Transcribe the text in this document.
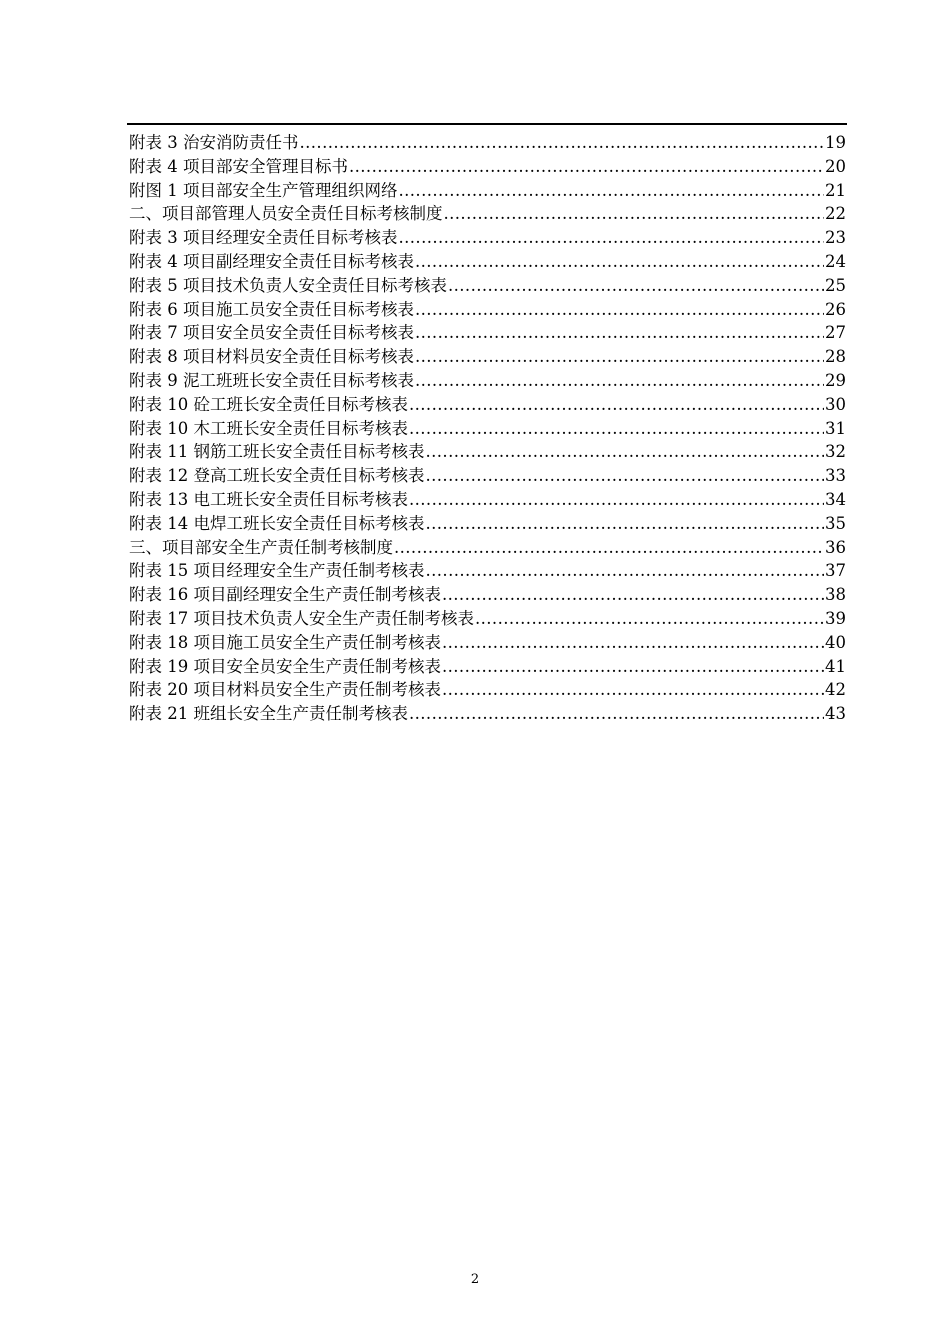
附表 3 治安消防责任书 .....	19
附表 4 项目部安全管理目标书 .....	20
附图 1 项目部安全生产管理组织网络 .....	21
二、项目部管理人员安全责任目标考核制度 .....	22
附表 3 项目经理安全责任目标考核表 .....	23
附表 4 项目副经理安全责任目标考核表 .....	24
附表 5 项目技术负责人安全责任目标考核表 .....	25
附表 6 项目施工员安全责任目标考核表 .....	26
附表 7 项目安全员安全责任目标考核表 .....	27
附表 8 项目材料员安全责任目标考核表 .....	28
附表 9 泥工班班长安全责任目标考核表 .....	29
附表 10 砼工班长安全责任目标考核表 .....	30
附表 10 木工班长安全责任目标考核表 .....	31
附表 11 钢筋工班长安全责任目标考核表 .....	32
附表 12 登高工班长安全责任目标考核表 .....	33
附表 13 电工班长安全责任目标考核表 .....	34
附表 14 电焊工班长安全责任目标考核表 .....	35
三、项目部安全生产责任制考核制度 .....	36
附表 15 项目经理安全生产责任制考核表 .....	37
附表 16 项目副经理安全生产责任制考核表 .....	38
附表 17 项目技术负责人安全生产责任制考核表 .....	39
附表 18 项目施工员安全生产责任制考核表 .....	40
附表 19 项目安全员安全生产责任制考核表 .....	41
附表 20 项目材料员安全生产责任制考核表 .....	42
附表 21 班组长安全生产责任制考核表 .....	43
2
